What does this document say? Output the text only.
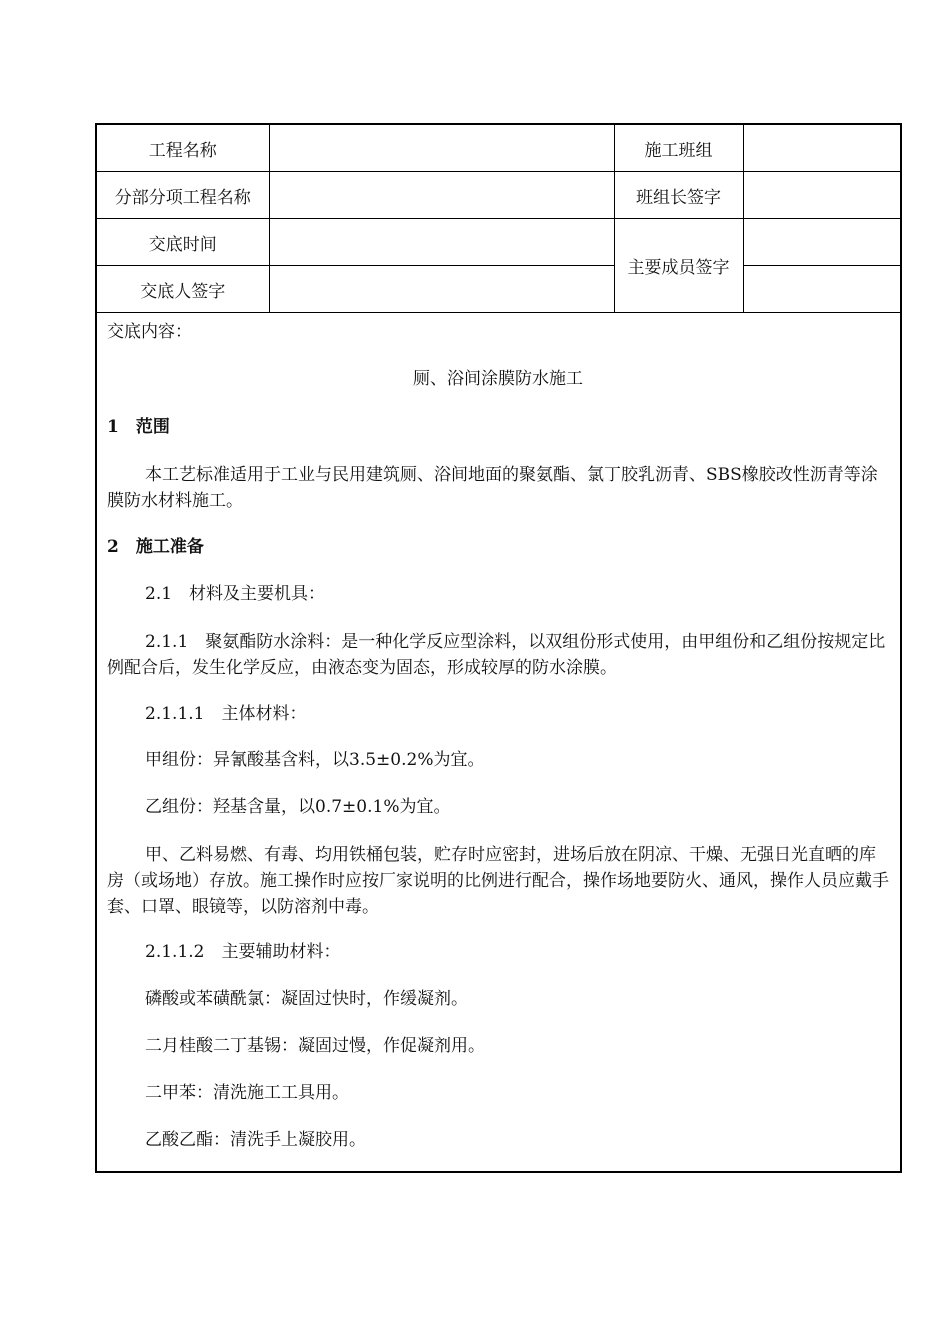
工程名称		施工班组	
分部分项工程名称		班组长签字	
交底时间		主要成员签字	
交底人签字			

交底内容：

厕、浴间涂膜防水施工

1　范围

本工艺标准适用于工业与民用建筑厕、浴间地面的聚氨酯、氯丁胶乳沥青、SBS橡胶改性沥青等涂膜防水材料施工。

2　施工准备

2.1　材料及主要机具：

2.1.1　聚氨酯防水涂料：是一种化学反应型涂料，以双组份形式使用，由甲组份和乙组份按规定比例配合后，发生化学反应，由液态变为固态，形成较厚的防水涂膜。

2.1.1.1　主体材料：

甲组份：异氰酸基含料，以3.5±0.2%为宜。

乙组份：羟基含量，以0.7±0.1%为宜。

甲、乙料易燃、有毒、均用铁桶包装，贮存时应密封，进场后放在阴凉、干燥、无强日光直晒的库房（或场地）存放。施工操作时应按厂家说明的比例进行配合，操作场地要防火、通风，操作人员应戴手套、口罩、眼镜等，以防溶剂中毒。

2.1.1.2　主要辅助材料：

磷酸或苯磺酰氯：凝固过快时，作缓凝剂。

二月桂酸二丁基锡：凝固过慢，作促凝剂用。

二甲苯：清洗施工工具用。

乙酸乙酯：清洗手上凝胶用。
